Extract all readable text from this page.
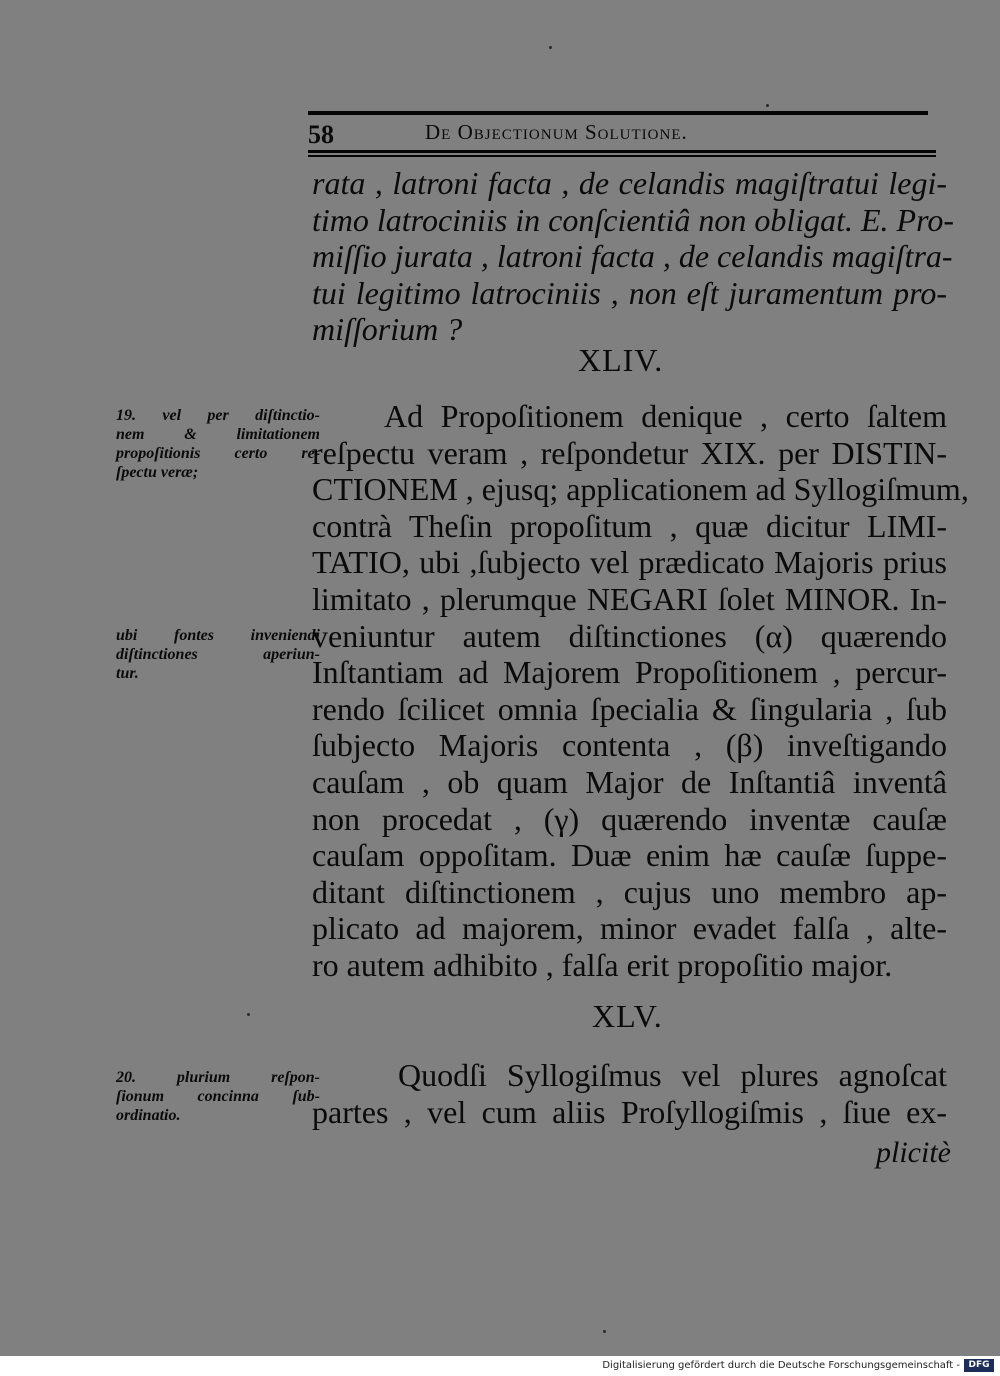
58	De Objectionum Solutione.
rata , latroni facta , de celandis magiſtratui legi-
timo latrociniis in conſcientiâ non obligat. E. Pro-
miſſio jurata , latroni facta , de celandis magiſtra-
tui legitimo latrociniis , non eſt juramentum pro-
miſſorium ?
XLIV.
Ad Propoſitionem denique , certo ſaltem
reſpectu veram , reſpondetur XIX. per DISTIN-
CTIONEM , ejusq; applicationem ad Syllogiſmum,
contrà Theſin propoſitum , quæ dicitur LIMI-
TATIO, ubi ,ſubjecto vel prædicato Majoris prius
limitato , plerumque NEGARI ſolet MINOR. In-
veniuntur autem diſtinctiones (α) quærendo
Inſtantiam ad Majorem Propoſitionem , percur-
rendo ſcilicet omnia ſpecialia & ſingularia , ſub
ſubjecto Majoris contenta , (β) inveſtigando
cauſam , ob quam Major de Inſtantiâ inventâ
non procedat , (γ) quærendo inventæ cauſæ
cauſam oppoſitam. Duæ enim hæ cauſæ ſuppe-
ditant diſtinctionem , cujus uno membro ap-
plicato ad majorem, minor evadet falſa , alte-
ro autem adhibito , falſa erit propoſitio major.
XLV.
Quodſi Syllogiſmus vel plures agnoſcat
partes , vel cum aliis Proſyllogiſmis , ſiue ex-
plicitè
19. vel per diſtinctio-
nem & limitationem
propoſitionis certo re-
ſpectu veræ;
ubi fontes inveniendi
diſtinctiones aperiun-
tur.
20. plurium reſpon-
ſionum concinna ſub-
ordinatio.
Digitalisierung gefördert durch die Deutsche Forschungsgemeinschaft - DFG
